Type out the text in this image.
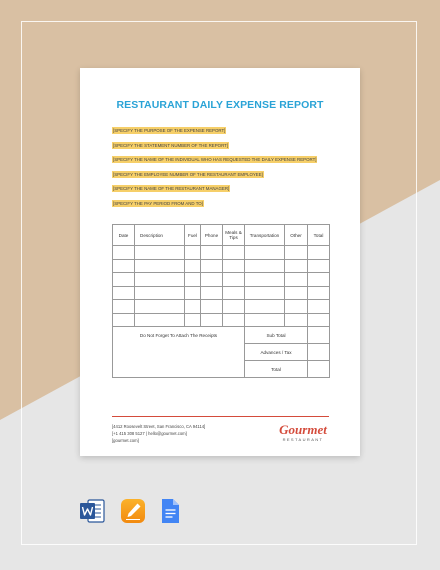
RESTAURANT DAILY EXPENSE REPORT
[SPECIFY THE PURPOSE OF THE EXPENSE REPORT]
[SPECIFY THE STATEMENT NUMBER OF THE REPORT]
[SPECIFY THE NAME OF THE INDIVIDUAL WHO HAS REQUESTED THE DAILY EXPENSE REPORT]
[SPECIFY THE EMPLOYEE NUMBER OF THE RESTAURANT EMPLOYEE]
[SPECIFY THE NAME OF THE RESTAURANT MANAGER]
[SPECIFY THE PAY PERIOD FROM AND TO]
Date	Description	Fuel	Phone	Meals & Tips	Transportation	Other	Total

Do Not Forget To Attach The Receipts					Sub Total		
					Advances / Tax		
					Total		
[4412 Roosevelt Street, San Francisco, CA 94114]
[+1 415 308 5127 | hello@gourmet.com]
[gourmet.com]
Gourmet
RESTAURANT
